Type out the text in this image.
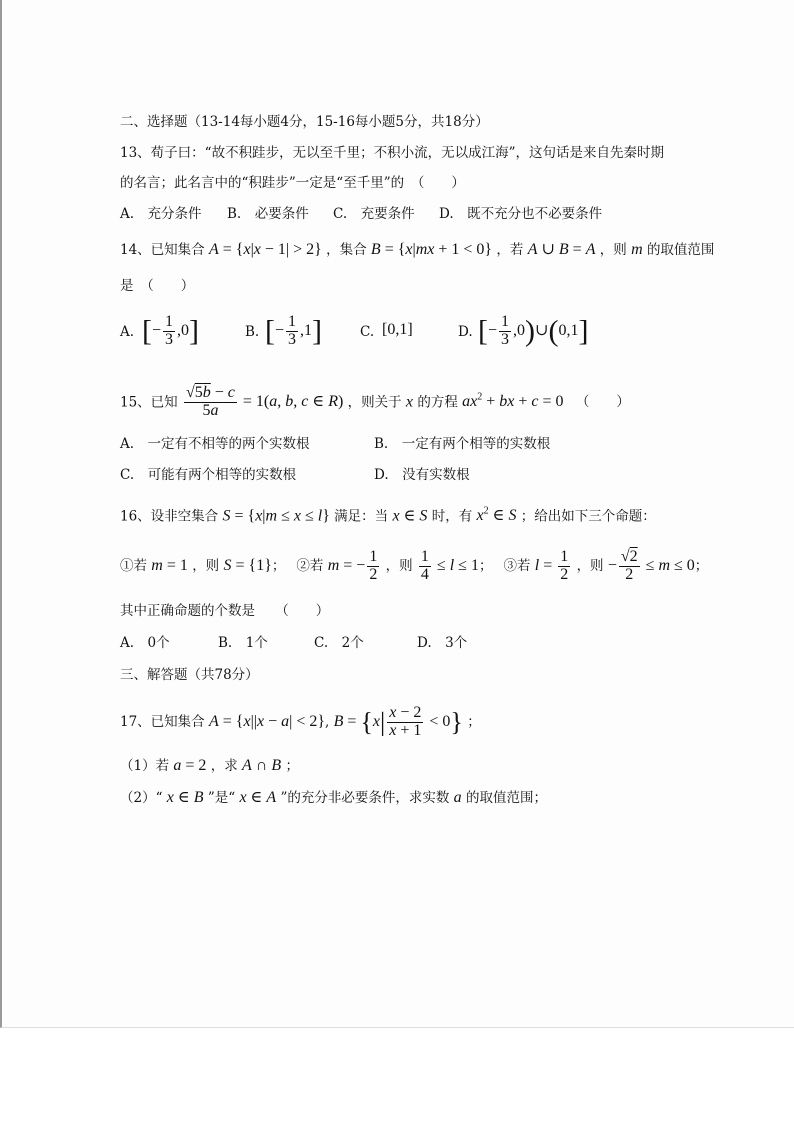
二、选择题（13-14每小题4分，15-16每小题5分，共18分）
13、荀子曰：“故不积跬步，无以至千里；不积小流，无以成江海”，这句话是来自先秦时期
的名言；此名言中的“积跬步”一定是“至千里”的　（　　）
A.　充分条件 B.　必要条件 C.　充要条件 D.　既不充分也不必要条件
14、已知集合 A = {x|x − 1| > 2} ，集合 B = {x|mx + 1 < 0} ，若 A ∪ B = A ，则 m 的取值范围
是　（　　）
A. [− $\frac{1}{3} ,0$]	B. [− $\frac{1}{3} ,1$]	C. [0,1]	D. [− $\frac{1}{3}$ ,0)∪(0,1]
15、已知 $\frac{√5b - c}{5a} = 1(a$, b, c ∈ R) ，则关于 x 的方程 $ax^2$ + bx + c = 0 （　　）
A.　一定有不相等的两个实数根	B.　一定有两个相等的实数根
C.　可能有两个相等的实数根	D.　没有实数根
16、设非空集合 S = {x|m ≤ x ≤ l} 满足：当 x ∈ S 时，有 $x^2$ ∈ S ；给出如下三个命题：
①若 m = 1 ，则 S = {1}；　 ②若 m = − $\frac{1}{2}$ ，则 $\frac{1}{4} \le l \le 1$；　 ③若 $l = \frac{1}{2}$ ，则 − $\frac{√2}{2} \le m \le 0$；
其中正确命题的个数是　　（　　）
A.　0个	B.　1个	C.　2个	D.　3个
三、解答题（共78分）
17、已知集合 A = {x||x − a| < 2}, $B = \{x| \frac{x - 2}{x + 1} < 0\}$ ；
（1）若 a = 2 ，求 A ∩ B ；
（2）“ x ∈ B ”是“ x ∈ A ”的充分非必要条件，求实数 a 的取值范围；
